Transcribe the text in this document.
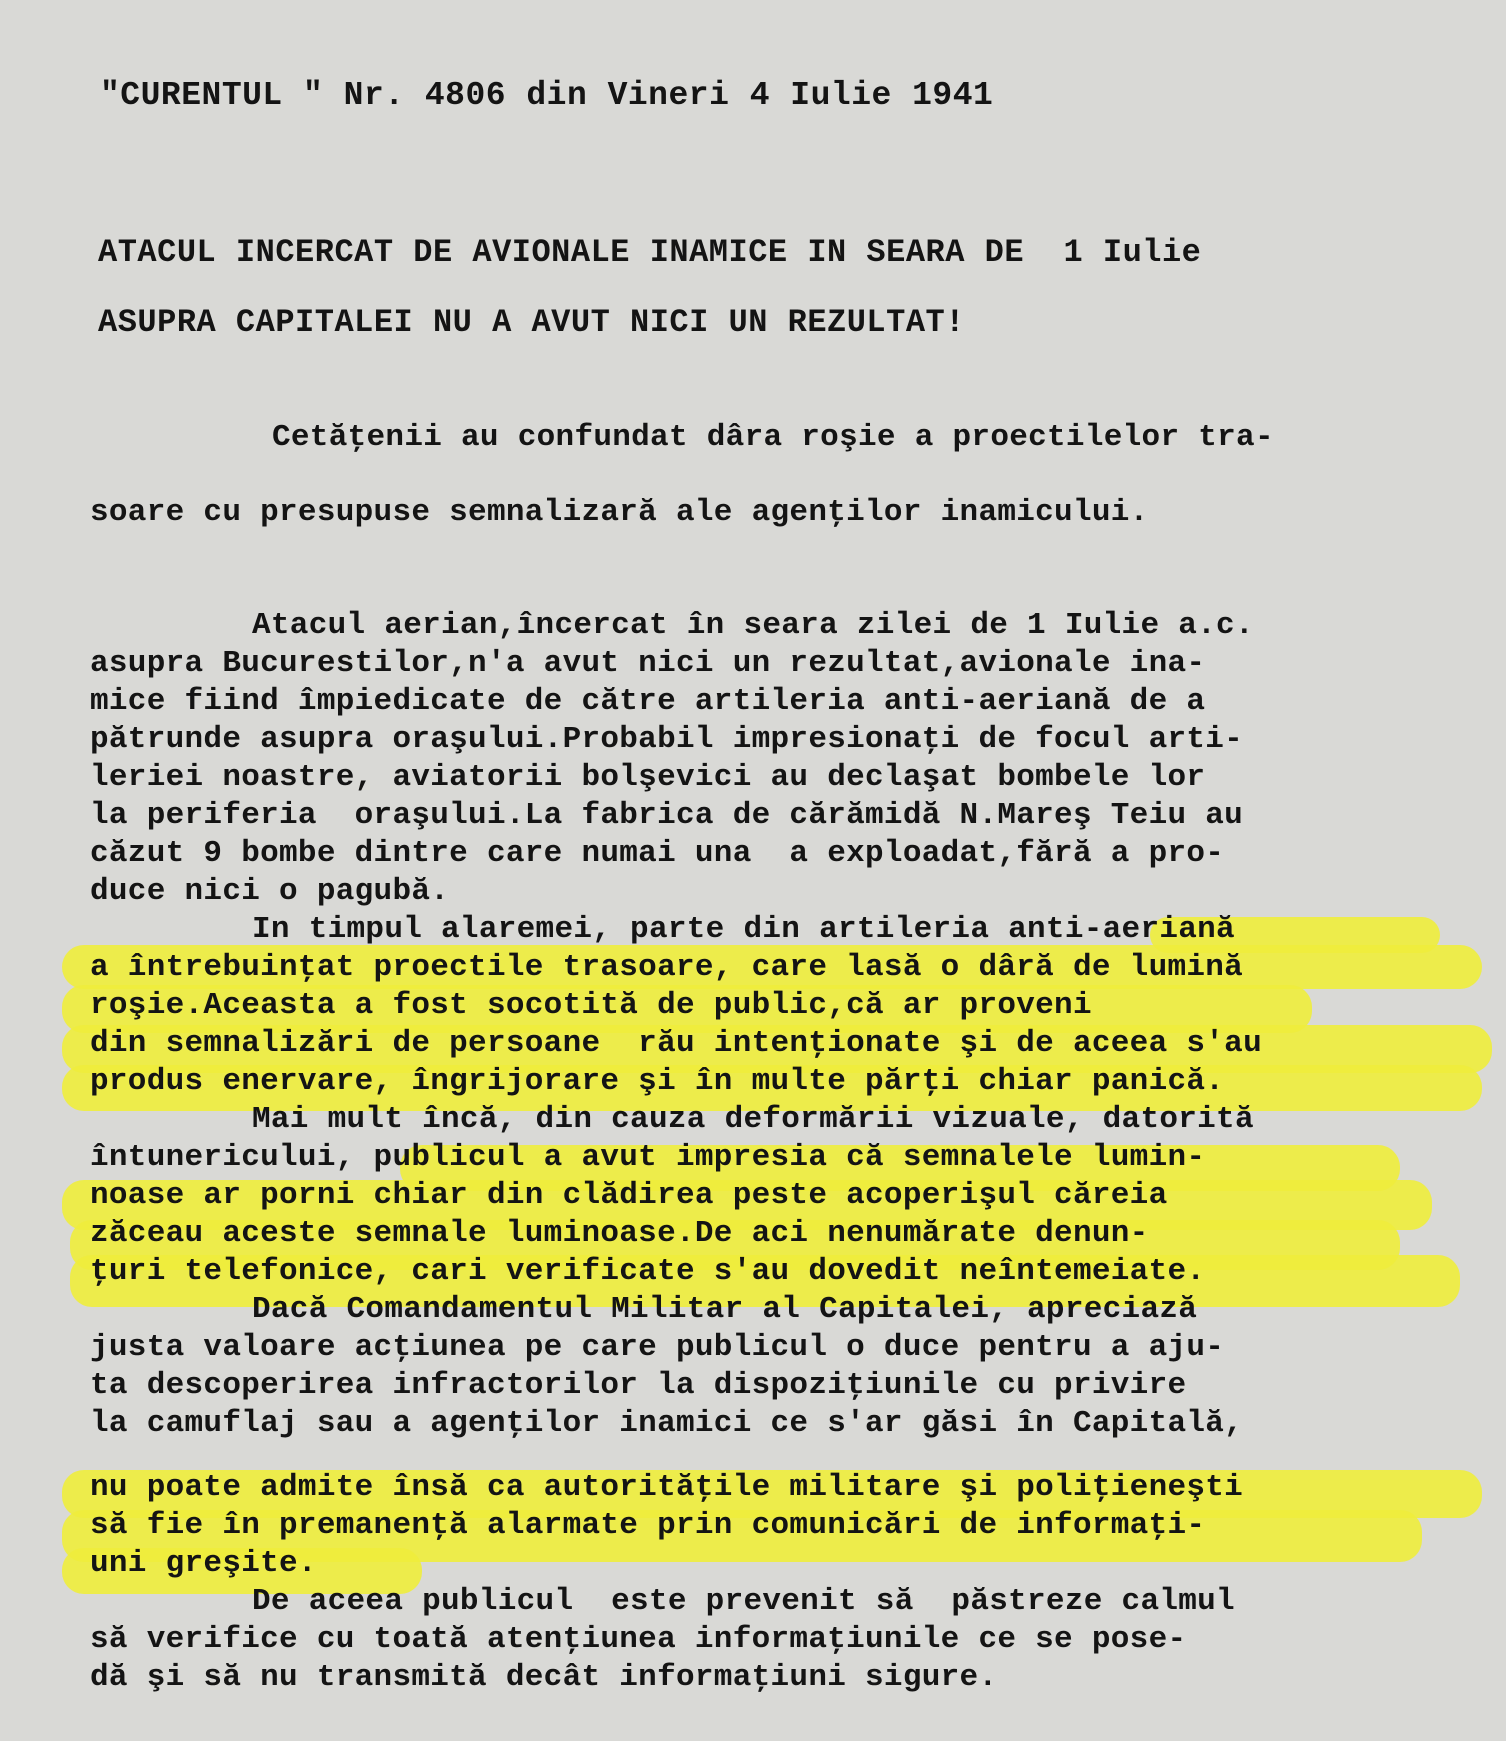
"CURENTUL " Nr. 4806 din Vineri 4 Iulie 1941
ATACUL INCERCAT DE AVIONALE INAMICE IN SEARA DE  1 Iulie
ASUPRA CAPITALEI NU A AVUT NICI UN REZULTAT!
Cetăţenii au confundat dâra roşie a proectilelor tra-
soare cu presupuse semnalizară ale agenţilor inamicului.
Atacul aerian,încercat în seara zilei de 1 Iulie a.c.
asupra Bucurestilor,n'a avut nici un rezultat,avionale ina-
mice fiind împiedicate de către artileria anti-aeriană de a
pătrunde asupra oraşului.Probabil impresionaţi de focul arti-
leriei noastre, aviatorii bolşevici au declaşat bombele lor
la periferia  oraşului.La fabrica de cărămidă N.Mareş Teiu au
căzut 9 bombe dintre care numai una  a exploadat,fără a pro-
duce nici o pagubă.
In timpul alaremei, parte din artileria anti-aeriană
a întrebuinţat proectile trasoare, care lasă o dâră de lumină
roşie.Aceasta a fost socotită de public,că ar proveni
din semnalizări de persoane  rău intenţionate şi de aceea s'au
produs enervare, îngrijorare şi în multe părţi chiar panică.
Mai mult încă, din cauza deformării vizuale, datorită
întunericului, publicul a avut impresia că semnalele lumin-
noase ar porni chiar din clădirea peste acoperişul căreia
zăceau aceste semnale luminoase.De aci nenumărate denun-
ţuri telefonice, cari verificate s'au dovedit neîntemeiate.
Dacă Comandamentul Militar al Capitalei, apreciază
justa valoare acţiunea pe care publicul o duce pentru a aju-
ta descoperirea infractorilor la dispoziţiunile cu privire
la camuflaj sau a agenţilor inamici ce s'ar găsi în Capitală,
nu poate admite însă ca autorităţile militare şi poliţieneşti
să fie în premanenţă alarmate prin comunicări de informaţi-
uni greşite.
De aceea publicul  este prevenit să  păstreze calmul
să verifice cu toată atenţiunea informaţiunile ce se pose-
dă şi să nu transmită decât informaţiuni sigure.
